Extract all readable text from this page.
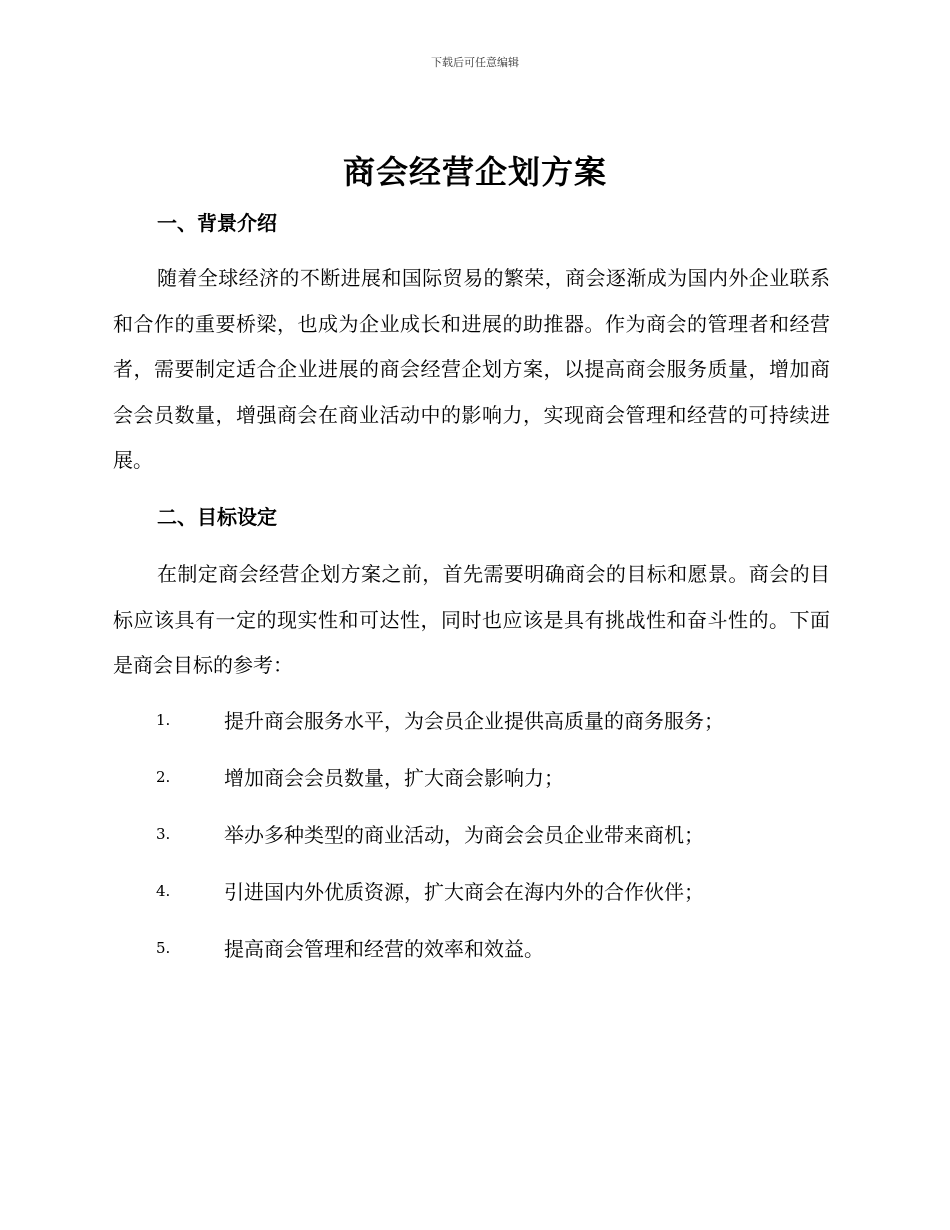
下载后可任意编辑
商会经营企划方案
一、背景介绍

随着全球经济的不断进展和国际贸易的繁荣，商会逐渐成为国内外企业联系和合作的重要桥梁，也成为企业成长和进展的助推器。作为商会的管理者和经营者，需要制定适合企业进展的商会经营企划方案，以提高商会服务质量，增加商会会员数量，增强商会在商业活动中的影响力，实现商会管理和经营的可持续进展。

二、目标设定

在制定商会经营企划方案之前，首先需要明确商会的目标和愿景。商会的目标应该具有一定的现实性和可达性，同时也应该是具有挑战性和奋斗性的。下面是商会目标的参考：

1.	提升商会服务水平，为会员企业提供高质量的商务服务；
2.	增加商会会员数量，扩大商会影响力；
3.	举办多种类型的商业活动，为商会会员企业带来商机；
4.	引进国内外优质资源，扩大商会在海内外的合作伙伴；
5.	提高商会管理和经营的效率和效益。
